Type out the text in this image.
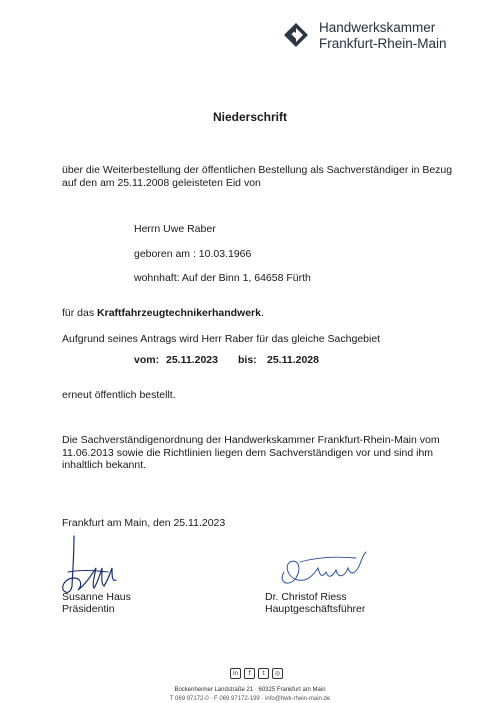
Handwerkskammer
Frankfurt-Rhein-Main
Niederschrift
über die Weiterbestellung der öffentlichen Bestellung als Sachverständiger in Bezug
auf den am 25.11.2008 geleisteten Eid von
Herrn Uwe Raber
geboren am : 10.03.1966
wohnhaft: Auf der Binn 1, 64658 Fürth
für das Kraftfahrzeugtechnikerhandwerk.
Aufgrund seines Antrags wird Herr Raber für das gleiche Sachgebiet
vom: 25.11.2023 bis: 25.11.2028
erneut öffentlich bestellt.
Die Sachverständigenordnung der Handwerkskammer Frankfurt-Rhein-Main vom
11.06.2013 sowie die Richtlinien liegen dem Sachverständigen vor und sind ihm
inhaltlich bekannt.
Frankfurt am Main, den 25.11.2023
Susanne Haus
Präsidentin
Dr. Christof Riess
Hauptgeschäftsführer
in	f	t	◎
Bockenheimer Landstraße 21 · 60325 Frankfurt am Main
T 069 97172-0 · F 069 97172-199 · info@hwk-rhein-main.de
